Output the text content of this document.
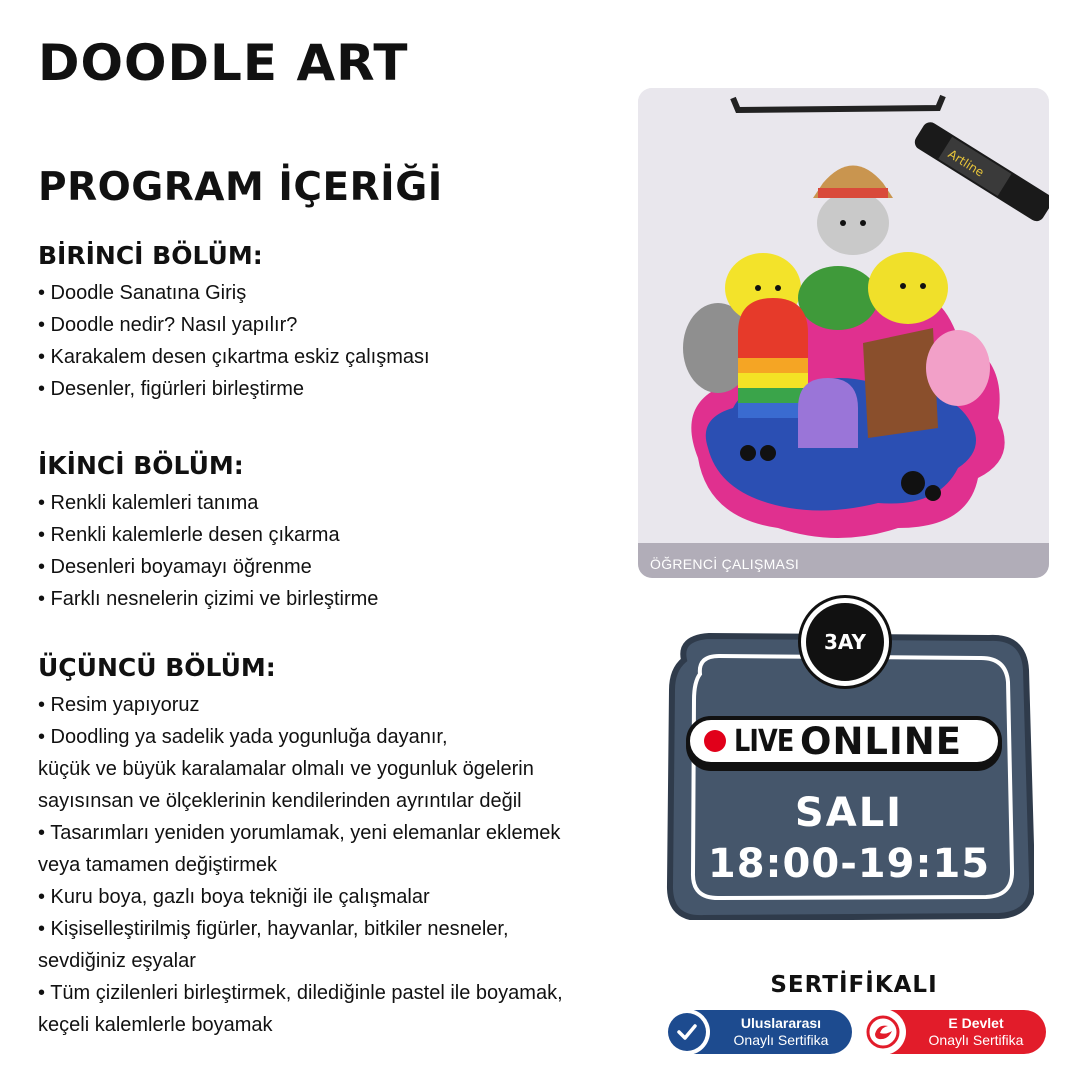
DOODLE ART
PROGRAM İÇERİĞİ
BİRİNCİ BÖLÜM:
• Doodle Sanatına Giriş
• Doodle nedir? Nasıl yapılır?
• Karakalem desen çıkartma eskiz çalışması
• Desenler, figürleri birleştirme
İKİNCİ BÖLÜM:
• Renkli kalemleri tanıma
• Renkli kalemlerle desen çıkarma
• Desenleri boyamayı öğrenme
• Farklı nesnelerin çizimi ve birleştirme
ÜÇÜNCÜ BÖLÜM:
• Resim yapıyoruz
• Doodling ya sadelik yada yogunluğa dayanır,
küçük ve büyük karalamalar olmalı ve yogunluk ögelerin
sayısınsan ve ölçeklerinin kendilerinden ayrıntılar değil
• Tasarımları yeniden yorumlamak, yeni elemanlar eklemek
veya tamamen değiştirmek
• Kuru boya, gazlı boya tekniği ile çalışmalar
• Kişiselleştirilmiş figürler, hayvanlar, bitkiler nesneler,
sevdiğiniz eşyalar
• Tüm çizilenleri birleştirmek, dilediğinle pastel ile boyamak,
keçeli kalemlerle boyamak
Artline
ÖĞRENCİ ÇALIŞMASI
3AY
LIVE ONLINE
SALI
18:00-19:15
SERTİFİKALI
Uluslararası
Onaylı Sertifika
E Devlet
Onaylı Sertifika
